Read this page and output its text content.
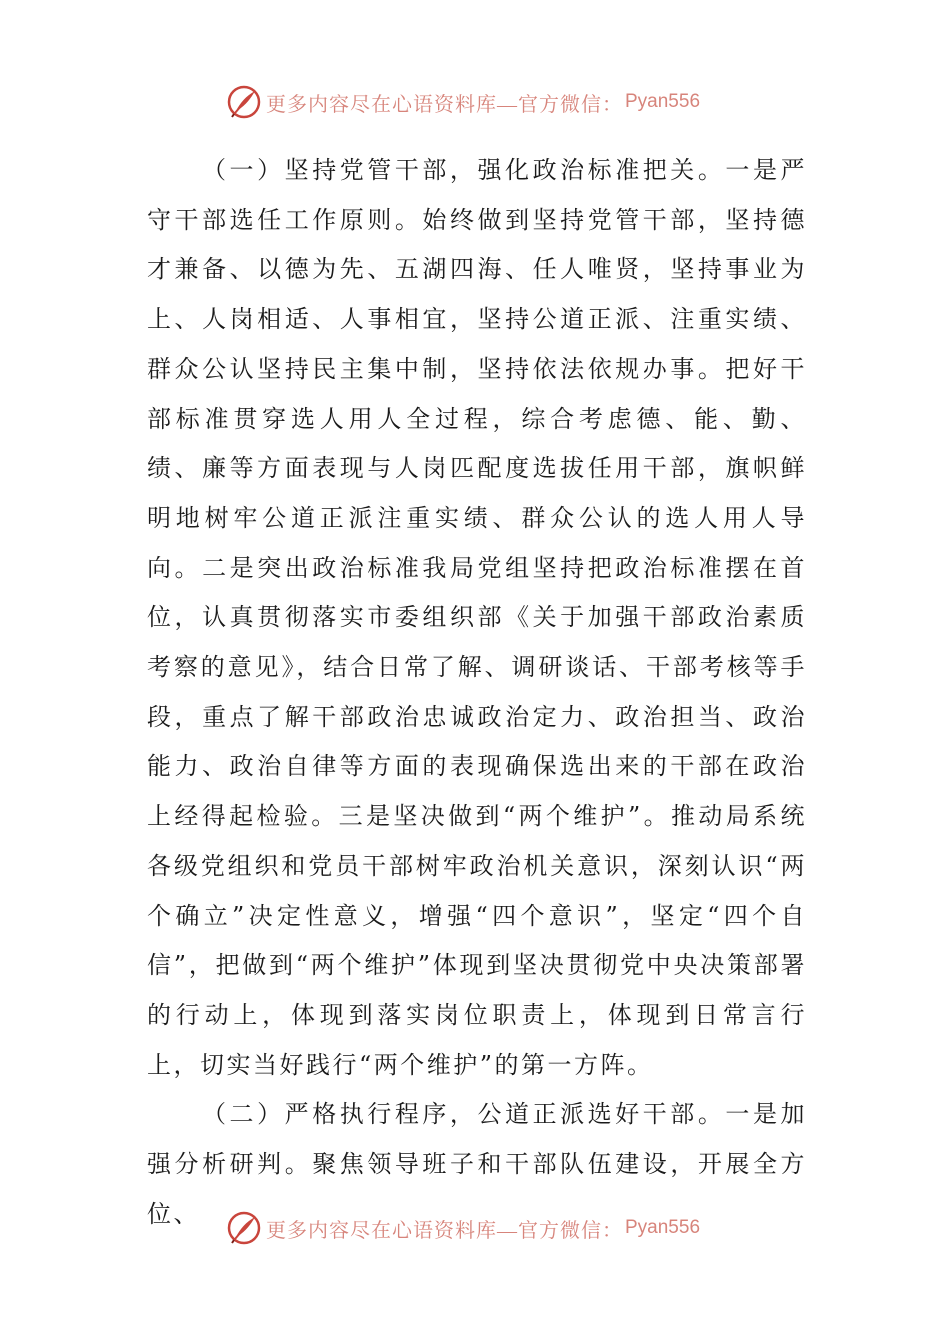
更多内容尽在心语资料库—官方微信： Pyan556

（一）坚持党管干部，强化政治标准把关。一是严守干部选任工作原则。始终做到坚持党管干部，坚持德才兼备、以德为先、五湖四海、任人唯贤，坚持事业为上、人岗相适、人事相宜，坚持公道正派、注重实绩、群众公认坚持民主集中制，坚持依法依规办事。把好干部标准贯穿选人用人全过程，综合考虑德、能、勤、绩、廉等方面表现与人岗匹配度选拔任用干部，旗帜鲜明地树牢公道正派注重实绩、群众公认的选人用人导向。二是突出政治标准我局党组坚持把政治标准摆在首位，认真贯彻落实市委组织部《关于加强干部政治素质考察的意见》，结合日常了解、调研谈话、干部考核等手段，重点了解干部政治忠诚政治定力、政治担当、政治能力、政治自律等方面的表现确保选出来的干部在政治上经得起检验。三是坚决做到“两个维护”。推动局系统各级党组织和党员干部树牢政治机关意识，深刻认识“两个确立”决定性意义，增强“四个意识”，坚定“四个自信”，把做到“两个维护”体现到坚决贯彻党中央决策部署的行动上，体现到落实岗位职责上，体现到日常言行上，切实当好践行“两个维护”的第一方阵。

（二）严格执行程序，公道正派选好干部。一是加强分析研判。聚焦领导班子和干部队伍建设，开展全方位、

更多内容尽在心语资料库—官方微信： Pyan556
